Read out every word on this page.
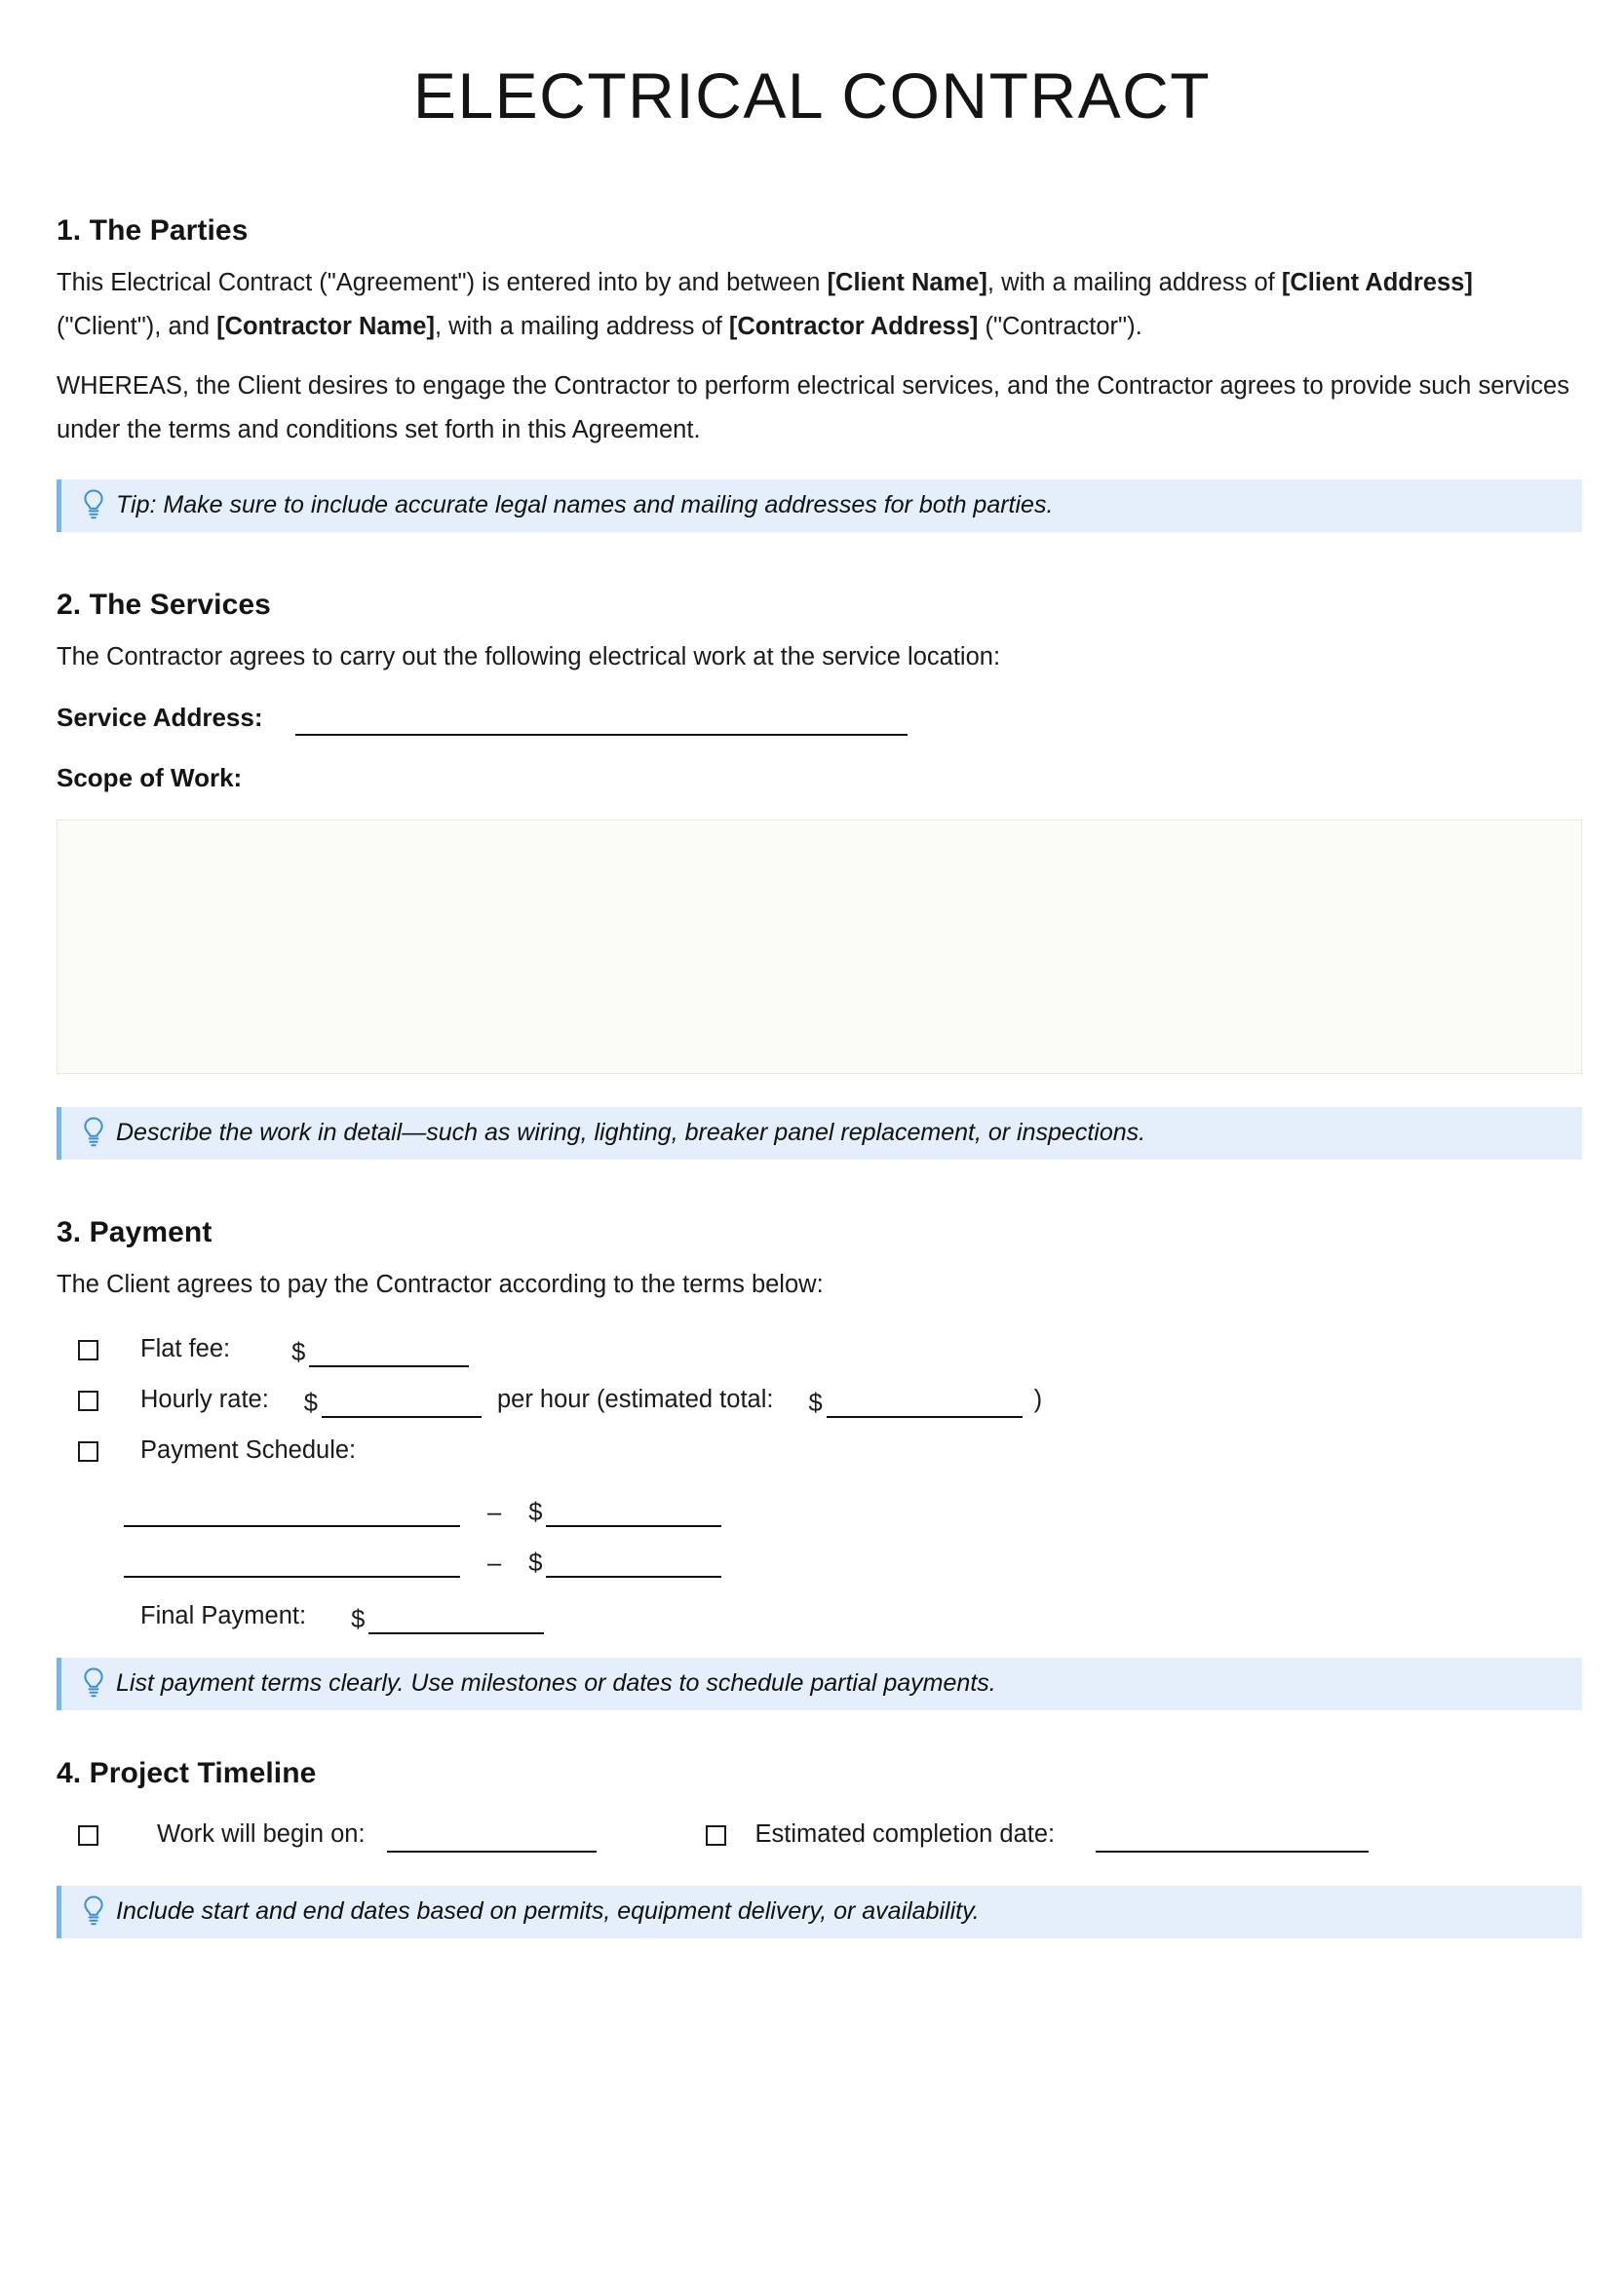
ELECTRICAL CONTRACT
1. The Parties

This Electrical Contract ("Agreement") is entered into by and between [Client Name], with a mailing address of [Client Address] ("Client"), and [Contractor Name], with a mailing address of [Contractor Address] ("Contractor").

WHEREAS, the Client desires to engage the Contractor to perform electrical services, and the Contractor agrees to provide such services under the terms and conditions set forth in this Agreement.

Tip: Make sure to include accurate legal names and mailing addresses for both parties.
2. The Services

The Contractor agrees to carry out the following electrical work at the service location:

Service Address:
Scope of Work:
Describe the work in detail—such as wiring, lighting, breaker panel replacement, or inspections.
3. Payment

The Client agrees to pay the Contractor according to the terms below:

Flat fee: $
Hourly rate: $	per hour (estimated total: $	)
Payment Schedule:
– $
– $
Final Payment: $
List payment terms clearly. Use milestones or dates to schedule partial payments.
4. Project Timeline
Work will begin on:	Estimated completion date:
Include start and end dates based on permits, equipment delivery, or availability.
